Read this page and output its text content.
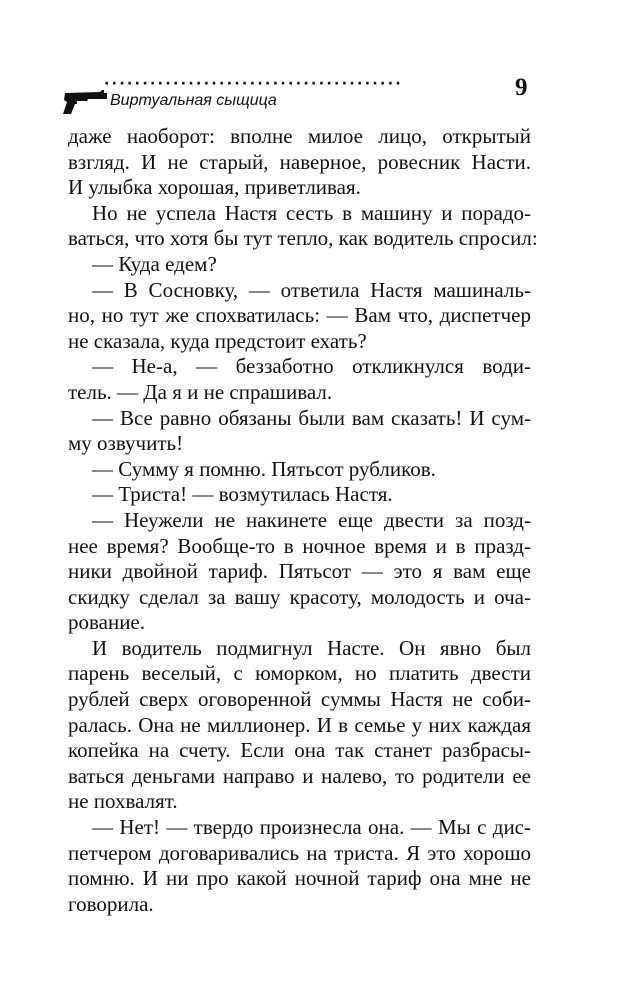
·······································
Виртуальная сыщица	9
даже наоборот: вполне милое лицо, открытый
взгляд. И не старый, наверное, ровесник Насти.
И улыбка хорошая, приветливая.
Но не успела Настя сесть в машину и порадо-
ваться, что хотя бы тут тепло, как водитель спросил:
— Куда едем?
— В Сосновку, — ответила Настя машиналь-
но, но тут же спохватилась: — Вам что, диспетчер
не сказала, куда предстоит ехать?
— Не-а, — беззаботно откликнулся води-
тель. — Да я и не спрашивал.
— Все равно обязаны были вам сказать! И сум-
му озвучить!
— Сумму я помню. Пятьсот рубликов.
— Триста! — возмутилась Настя.
— Неужели не накинете еще двести за позд-
нее время? Вообще-то в ночное время и в празд-
ники двойной тариф. Пятьсот — это я вам еще
скидку сделал за вашу красоту, молодость и оча-
рование.
И водитель подмигнул Насте. Он явно был
парень веселый, с юморком, но платить двести
рублей сверх оговоренной суммы Настя не соби-
ралась. Она не миллионер. И в семье у них каждая
копейка на счету. Если она так станет разбрасы-
ваться деньгами направо и налево, то родители ее
не похвалят.
— Нет! — твердо произнесла она. — Мы с дис-
петчером договаривались на триста. Я это хорошо
помню. И ни про какой ночной тариф она мне не
говорила.
